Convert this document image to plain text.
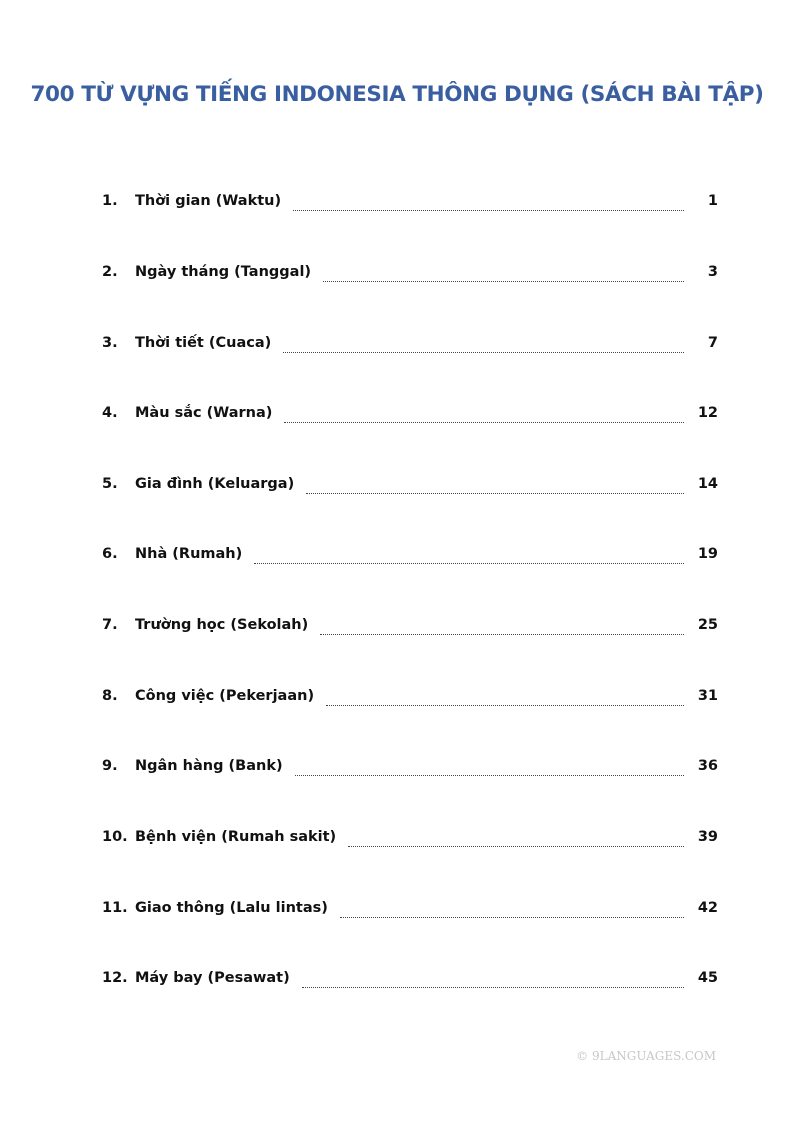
700 TỪ VỰNG TIẾNG INDONESIA THÔNG DỤNG (SÁCH BÀI TẬP)
1.	Thời gian (Waktu)	1
2.	Ngày tháng (Tanggal)	3
3.	Thời tiết (Cuaca)	7
4.	Màu sắc (Warna)	12
5.	Gia đình (Keluarga)	14
6.	Nhà (Rumah)	19
7.	Trường học (Sekolah)	25
8.	Công việc (Pekerjaan)	31
9.	Ngân hàng (Bank)	36
10. Bệnh viện (Rumah sakit)	39
11. Giao thông (Lalu lintas)	42
12. Máy bay (Pesawat)	45
© 9LANGUAGES.COM
